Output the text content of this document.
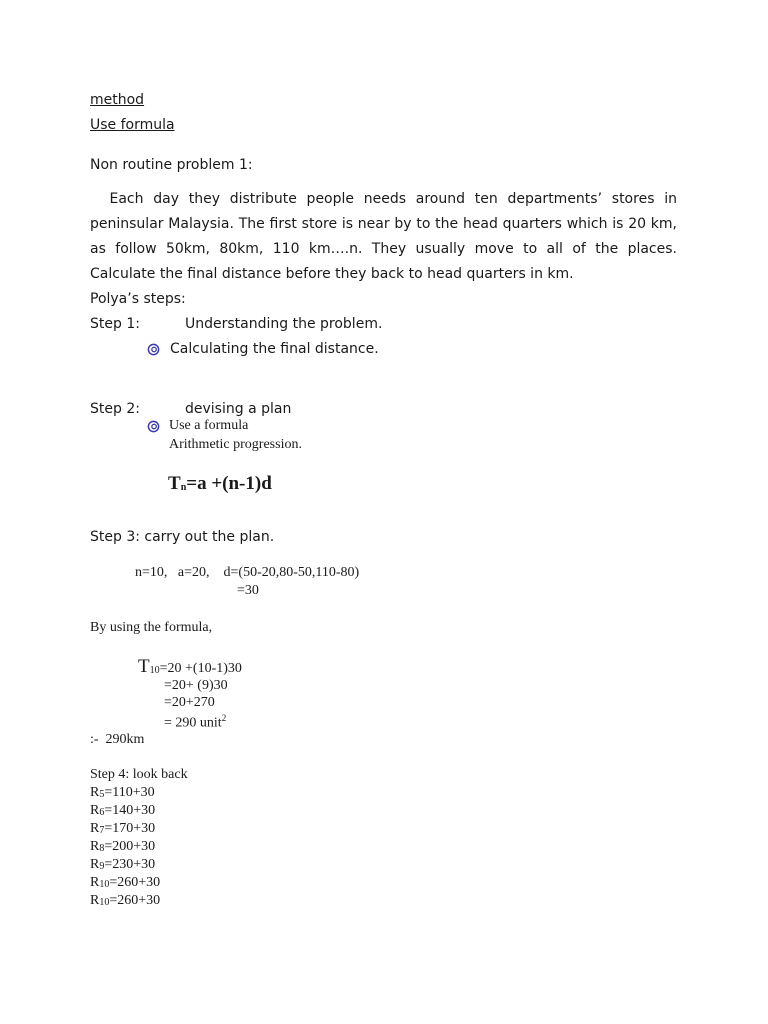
method
Use formula
Non routine problem 1:
Each day they distribute people needs around ten departments’ stores in peninsular Malaysia. The first store is near by to the head quarters which is 20 km, as follow 50km, 80km, 110 km….n. They usually move to all of the places. Calculate the final distance before they back to head quarters in km.
Polya’s steps:
Step 1:	Understanding the problem.
Calculating the final distance.
Step 2:	devising a plan
Use a formula
Arithmetic progression.
$T_n=a +(n-1)d$
Step 3: carry out the plan.
n=10,   a=20,    d=(50-20,80-50,110-80)
=30
By using the formula,
$T_{10}=20 +(10-1)30$
=20+ (9)30
=20+270
= 290 unit$^2$
:-  290km
Step 4: look back
$R_5=110+30$
$R_6=140+30$
$R_7=170+30$
$R_8=200+30$
$R_9=230+30$
$R_{10}=260+30$
$R_{10}=260+30$
